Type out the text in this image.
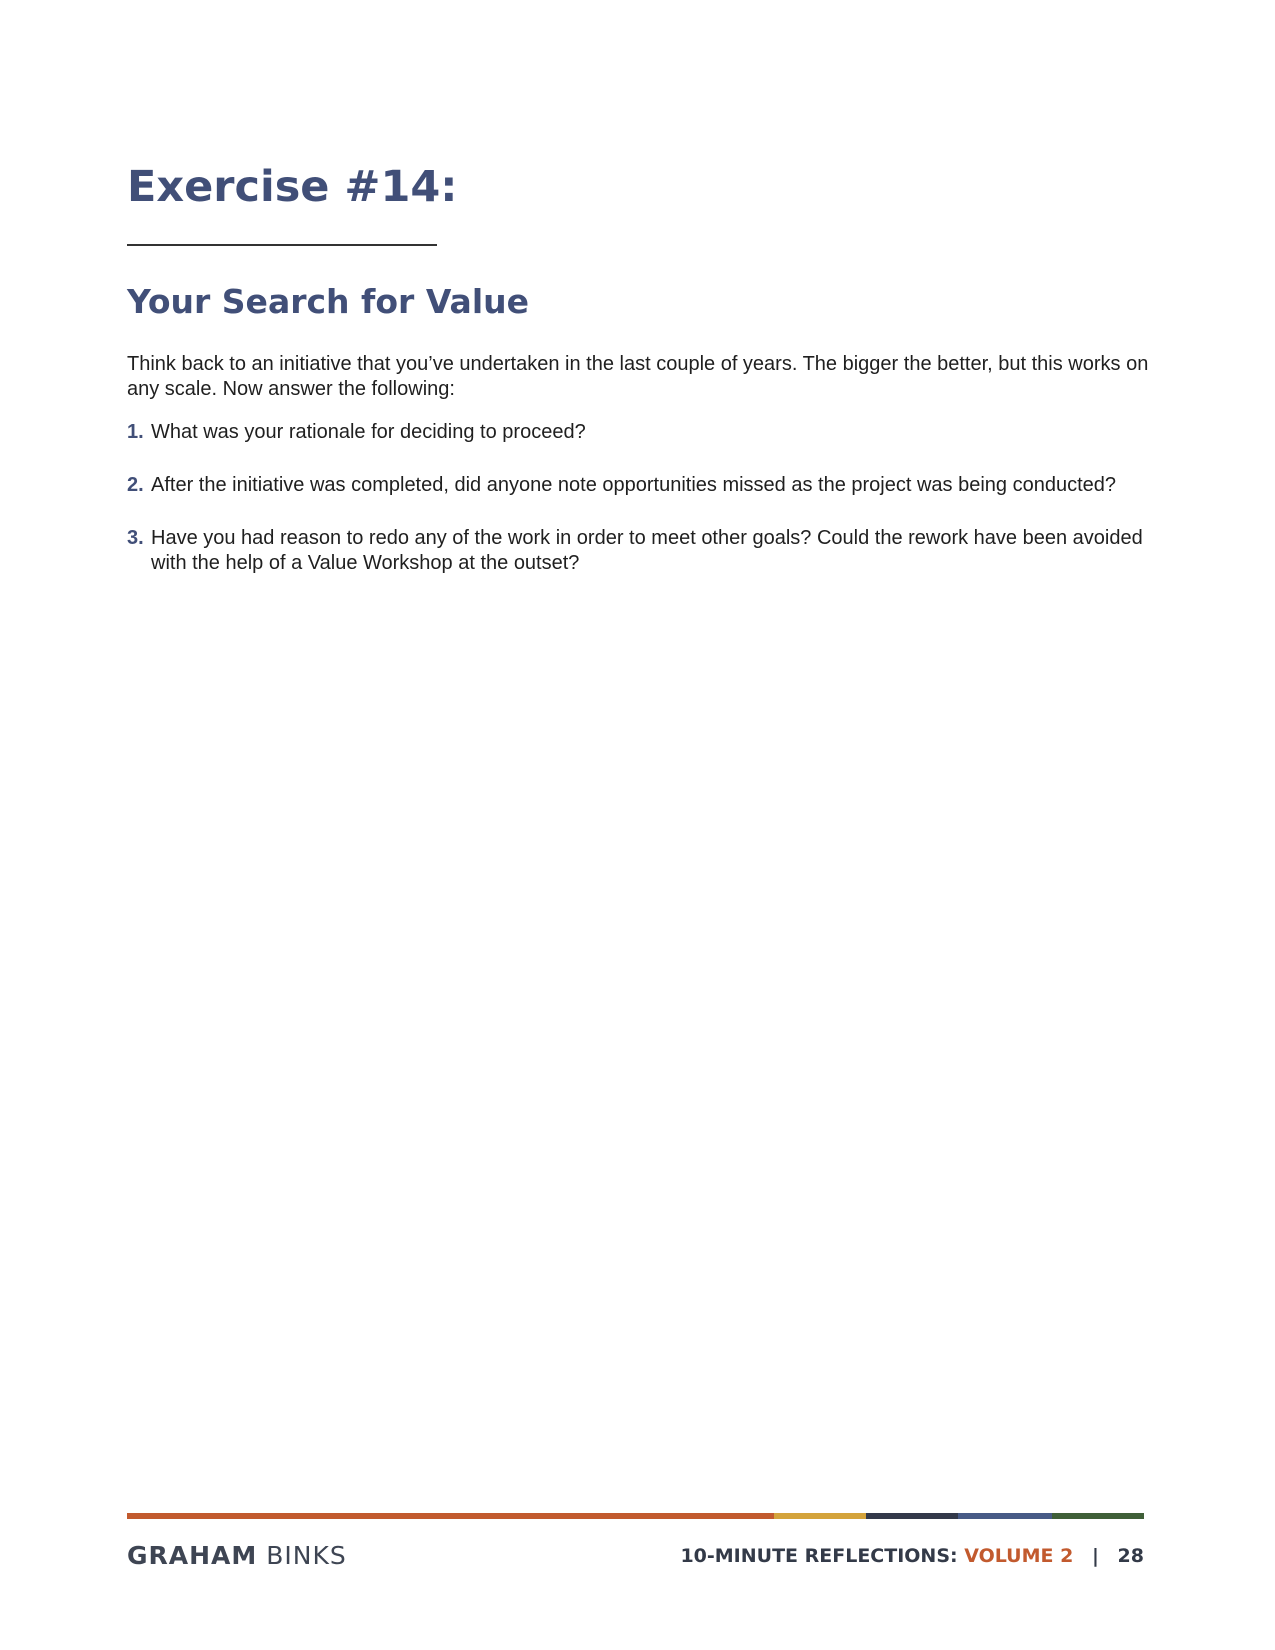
Exercise #14:
Your Search for Value

Think back to an initiative that you’ve undertaken in the last couple of years. The bigger the better, but this works on any scale. Now answer the following:

1. What was your rationale for deciding to proceed?
2. After the initiative was completed, did anyone note opportunities missed as the project was being conducted?
3. Have you had reason to redo any of the work in order to meet other goals? Could the rework have been avoided with the help of a Value Workshop at the outset?
GRAHAM BINKS	10-MINUTE REFLECTIONS: VOLUME 2 | 28
